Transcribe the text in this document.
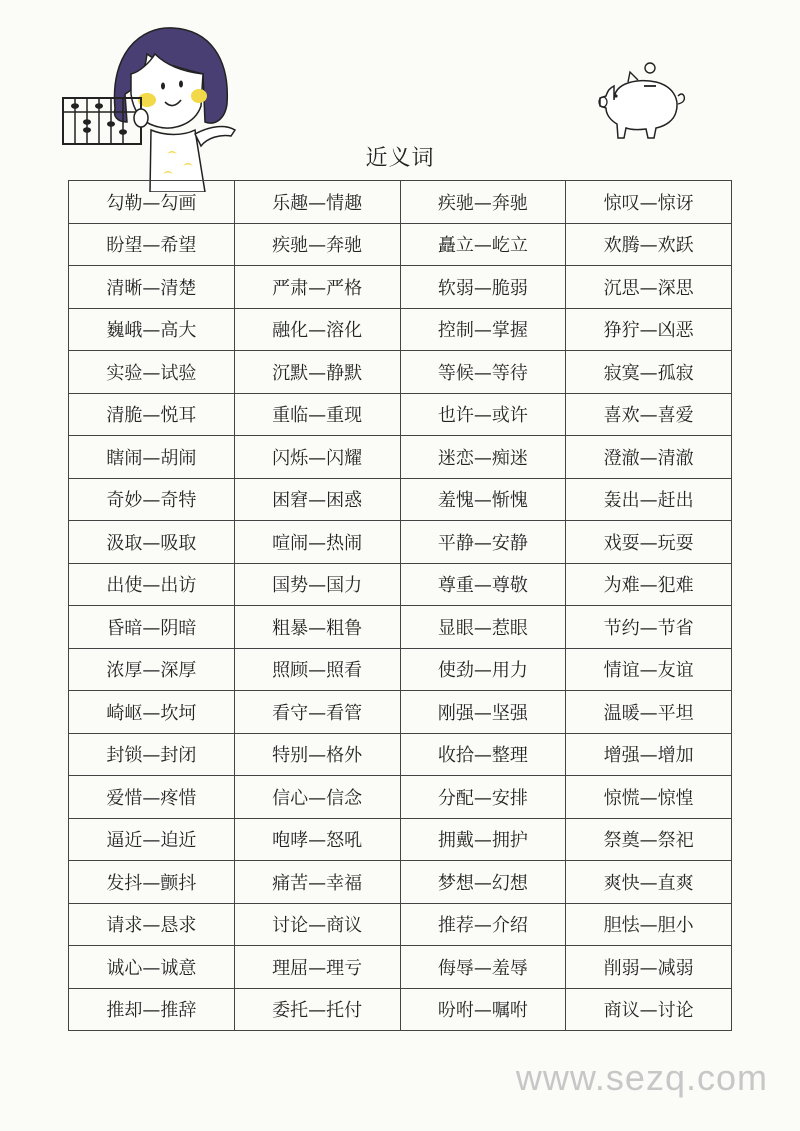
近义词
勾勒—勾画	乐趣—情趣	疾驰—奔驰	惊叹—惊讶
盼望—希望	疾驰—奔驰	矗立—屹立	欢腾—欢跃
清晰—清楚	严肃—严格	软弱—脆弱	沉思—深思
巍峨—高大	融化—溶化	控制—掌握	狰狞—凶恶
实验—试验	沉默—静默	等候—等待	寂寞—孤寂
清脆—悦耳	重临—重现	也许—或许	喜欢—喜爱
瞎闹—胡闹	闪烁—闪耀	迷恋—痴迷	澄澈—清澈
奇妙—奇特	困窘—困惑	羞愧—惭愧	轰出—赶出
汲取—吸取	喧闹—热闹	平静—安静	戏耍—玩耍
出使—出访	国势—国力	尊重—尊敬	为难—犯难
昏暗—阴暗	粗暴—粗鲁	显眼—惹眼	节约—节省
浓厚—深厚	照顾—照看	使劲—用力	情谊—友谊
崎岖—坎坷	看守—看管	刚强—坚强	温暖—平坦
封锁—封闭	特别—格外	收拾—整理	增强—增加
爱惜—疼惜	信心—信念	分配—安排	惊慌—惊惶
逼近—迫近	咆哮—怒吼	拥戴—拥护	祭奠—祭祀
发抖—颤抖	痛苦—幸福	梦想—幻想	爽快—直爽
请求—恳求	讨论—商议	推荐—介绍	胆怯—胆小
诚心—诚意	理屈—理亏	侮辱—羞辱	削弱—减弱
推却—推辞	委托—托付	吩咐—嘱咐	商议—讨论
www.sezq.com
